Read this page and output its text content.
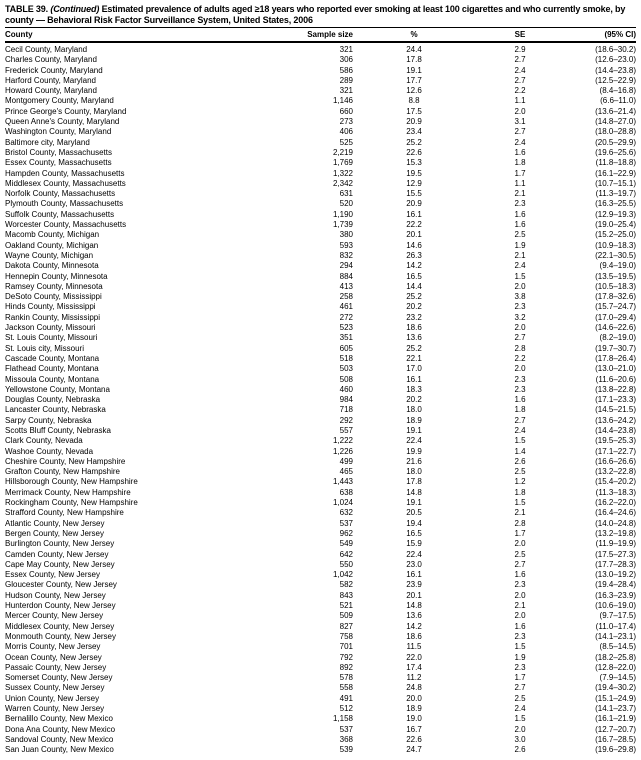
TABLE 39. (Continued) Estimated prevalence of adults aged ≥18 years who reported ever smoking at least 100 cigarettes and who currently smoke, by county — Behavioral Risk Factor Surveillance System, United States, 2006

County	Sample size	%	SE	(95% CI)
Cecil County, Maryland	321	24.4	2.9	(18.6–30.2)
Charles County, Maryland	306	17.8	2.7	(12.6–23.0)
Frederick County, Maryland	586	19.1	2.4	(14.4–23.8)
Harford County, Maryland	289	17.7	2.7	(12.5–22.9)
Howard County, Maryland	321	12.6	2.2	(8.4–16.8)
Montgomery County, Maryland	1,146	8.8	1.1	(6.6–11.0)
Prince George's County, Maryland	660	17.5	2.0	(13.6–21.4)
Queen Anne's County, Maryland	273	20.9	3.1	(14.8–27.0)
Washington County, Maryland	406	23.4	2.7	(18.0–28.8)
Baltimore city, Maryland	525	25.2	2.4	(20.5–29.9)
Bristol County, Massachusetts	2,219	22.6	1.6	(19.6–25.6)
Essex County, Massachusetts	1,769	15.3	1.8	(11.8–18.8)
Hampden County, Massachusetts	1,322	19.5	1.7	(16.1–22.9)
Middlesex County, Massachusetts	2,342	12.9	1.1	(10.7–15.1)
Norfolk County, Massachusetts	631	15.5	2.1	(11.3–19.7)
Plymouth County, Massachusetts	520	20.9	2.3	(16.3–25.5)
Suffolk County, Massachusetts	1,190	16.1	1.6	(12.9–19.3)
Worcester County, Massachusetts	1,739	22.2	1.6	(19.0–25.4)
Macomb County, Michigan	380	20.1	2.5	(15.2–25.0)
Oakland County, Michigan	593	14.6	1.9	(10.9–18.3)
Wayne County, Michigan	832	26.3	2.1	(22.1–30.5)
Dakota County, Minnesota	294	14.2	2.4	(9.4–19.0)
Hennepin County, Minnesota	884	16.5	1.5	(13.5–19.5)
Ramsey County, Minnesota	413	14.4	2.0	(10.5–18.3)
DeSoto County, Mississippi	258	25.2	3.8	(17.8–32.6)
Hinds County, Mississippi	461	20.2	2.3	(15.7–24.7)
Rankin County, Mississippi	272	23.2	3.2	(17.0–29.4)
Jackson County, Missouri	523	18.6	2.0	(14.6–22.6)
St. Louis County, Missouri	351	13.6	2.7	(8.2–19.0)
St. Louis city, Missouri	605	25.2	2.8	(19.7–30.7)
Cascade County, Montana	518	22.1	2.2	(17.8–26.4)
Flathead County, Montana	503	17.0	2.0	(13.0–21.0)
Missoula County, Montana	508	16.1	2.3	(11.6–20.6)
Yellowstone County, Montana	460	18.3	2.3	(13.8–22.8)
Douglas County, Nebraska	984	20.2	1.6	(17.1–23.3)
Lancaster County, Nebraska	718	18.0	1.8	(14.5–21.5)
Sarpy County, Nebraska	292	18.9	2.7	(13.6–24.2)
Scotts Bluff County, Nebraska	557	19.1	2.4	(14.4–23.8)
Clark County, Nevada	1,222	22.4	1.5	(19.5–25.3)
Washoe County, Nevada	1,226	19.9	1.4	(17.1–22.7)
Cheshire County, New Hampshire	499	21.6	2.6	(16.6–26.6)
Grafton County, New Hampshire	465	18.0	2.5	(13.2–22.8)
Hillsborough County, New Hampshire	1,443	17.8	1.2	(15.4–20.2)
Merrimack County, New Hampshire	638	14.8	1.8	(11.3–18.3)
Rockingham County, New Hampshire	1,024	19.1	1.5	(16.2–22.0)
Strafford County, New Hampshire	632	20.5	2.1	(16.4–24.6)
Atlantic County, New Jersey	537	19.4	2.8	(14.0–24.8)
Bergen County, New Jersey	962	16.5	1.7	(13.2–19.8)
Burlington County, New Jersey	549	15.9	2.0	(11.9–19.9)
Camden County, New Jersey	642	22.4	2.5	(17.5–27.3)
Cape May County, New Jersey	550	23.0	2.7	(17.7–28.3)
Essex County, New Jersey	1,042	16.1	1.6	(13.0–19.2)
Gloucester County, New Jersey	582	23.9	2.3	(19.4–28.4)
Hudson County, New Jersey	843	20.1	2.0	(16.3–23.9)
Hunterdon County, New Jersey	521	14.8	2.1	(10.6–19.0)
Mercer County, New Jersey	509	13.6	2.0	(9.7–17.5)
Middlesex County, New Jersey	827	14.2	1.6	(11.0–17.4)
Monmouth County, New Jersey	758	18.6	2.3	(14.1–23.1)
Morris County, New Jersey	701	11.5	1.5	(8.5–14.5)
Ocean County, New Jersey	792	22.0	1.9	(18.2–25.8)
Passaic County, New Jersey	892	17.4	2.3	(12.8–22.0)
Somerset County, New Jersey	578	11.2	1.7	(7.9–14.5)
Sussex County, New Jersey	558	24.8	2.7	(19.4–30.2)
Union County, New Jersey	491	20.0	2.5	(15.1–24.9)
Warren County, New Jersey	512	18.9	2.4	(14.1–23.7)
Bernalillo County, New Mexico	1,158	19.0	1.5	(16.1–21.9)
Dona Ana County, New Mexico	537	16.7	2.0	(12.7–20.7)
Sandoval County, New Mexico	368	22.6	3.0	(16.7–28.5)
San Juan County, New Mexico	539	24.7	2.6	(19.6–29.8)
